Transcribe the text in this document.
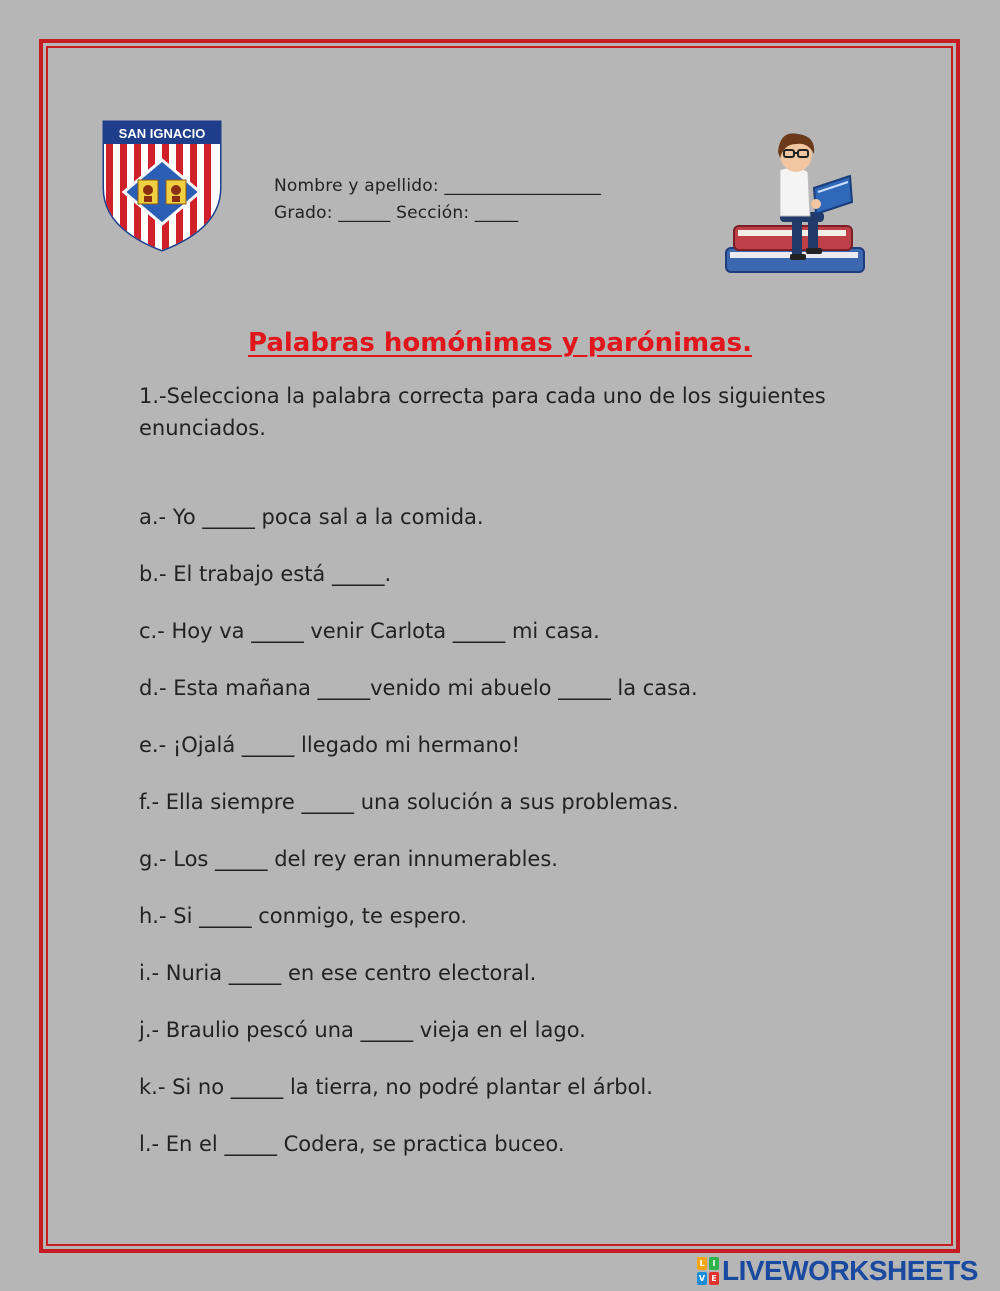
SAN IGNACIO
Nombre y apellido: __________________
Grado: ______ Sección: _____
Palabras homónimas y parónimas.
1.-Selecciona la palabra correcta para cada uno de los siguientes enunciados.
a.- Yo _____ poca sal a la comida.
b.- El trabajo está _____.
c.- Hoy va _____ venir Carlota _____ mi casa.
d.- Esta mañana _____venido mi abuelo _____ la casa.
e.- ¡Ojalá _____ llegado mi hermano!
f.- Ella siempre _____ una solución a sus problemas.
g.- Los _____ del rey eran innumerables.
h.- Si _____ conmigo, te espero.
i.- Nuria _____ en ese centro electoral.
j.- Braulio pescó una _____ vieja en el lago.
k.- Si no _____ la tierra, no podré plantar el árbol.
l.- En el _____ Codera, se practica buceo.
L I
V E LIVEWORKSHEETS
